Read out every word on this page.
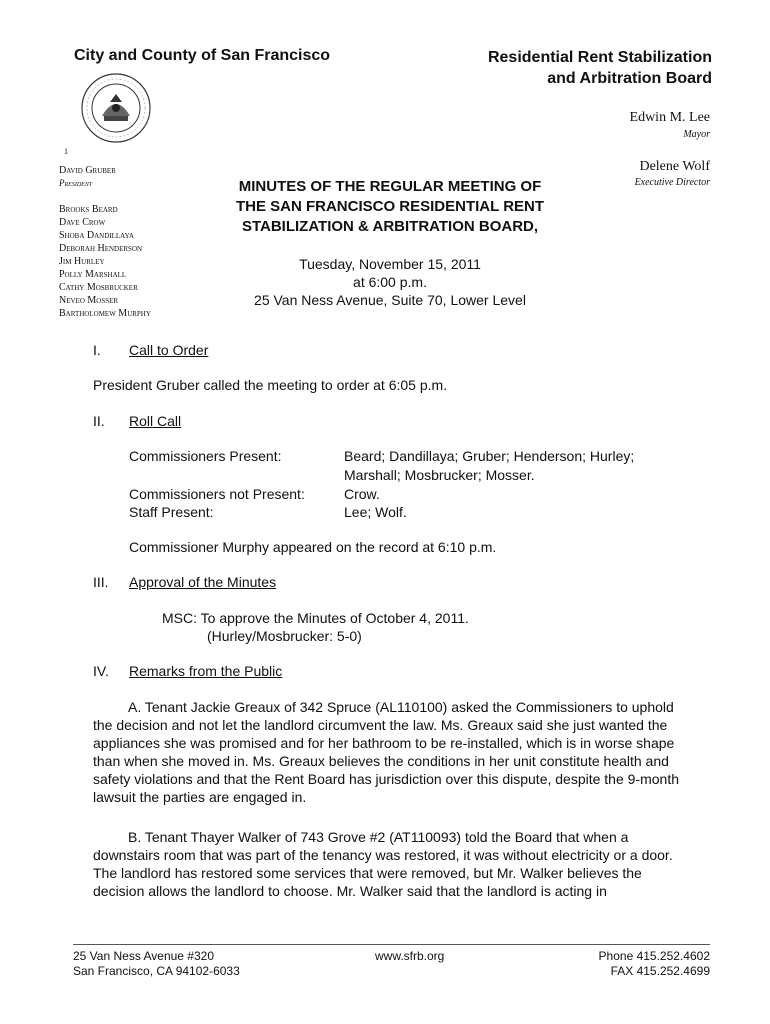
City and County of San Francisco	Residential Rent Stabilization
and Arbitration Board
1
Edwin M. Lee
Mayor
Delene Wolf
Executive Director
David Gruber
President
Brooks Beard
Dave Crow
Shoba Dandillaya
Deborah Henderson
Jim Hurley
Polly Marshall
Cathy Mosbrucker
Neveo Mosser
Bartholomew Murphy
MINUTES OF THE REGULAR MEETING OF
THE SAN FRANCISCO RESIDENTIAL RENT
STABILIZATION & ARBITRATION BOARD,
Tuesday, November 15, 2011
at 6:00 p.m.
25 Van Ness Avenue, Suite 70, Lower Level
I. Call to Order
President Gruber called the meeting to order at 6:05 p.m.
II. Roll Call
Commissioners Present:	Beard; Dandillaya; Gruber; Henderson; Hurley;
Marshall; Mosbrucker; Mosser.
Commissioners not Present:	Crow.
Staff Present:	Lee; Wolf.
Commissioner Murphy appeared on the record at 6:10 p.m.
III. Approval of the Minutes
MSC: To approve the Minutes of October 4, 2011.
(Hurley/Mosbrucker: 5-0)
IV. Remarks from the Public
A. Tenant Jackie Greaux of 342 Spruce (AL110100) asked the Commissioners to uphold the decision and not let the landlord circumvent the law. Ms. Greaux said she just wanted the appliances she was promised and for her bathroom to be re-installed, which is in worse shape than when she moved in. Ms. Greaux believes the conditions in her unit constitute health and safety violations and that the Rent Board has jurisdiction over this dispute, despite the 9-month lawsuit the parties are engaged in.
B. Tenant Thayer Walker of 743 Grove #2 (AT110093) told the Board that when a downstairs room that was part of the tenancy was restored, it was without electricity or a door. The landlord has restored some services that were removed, but Mr. Walker believes the decision allows the landlord to choose. Mr. Walker said that the landlord is acting in
25 Van Ness Avenue #320
San Francisco, CA 94102-6033
www.sfrb.org	Phone 415.252.4602
FAX 415.252.4699
